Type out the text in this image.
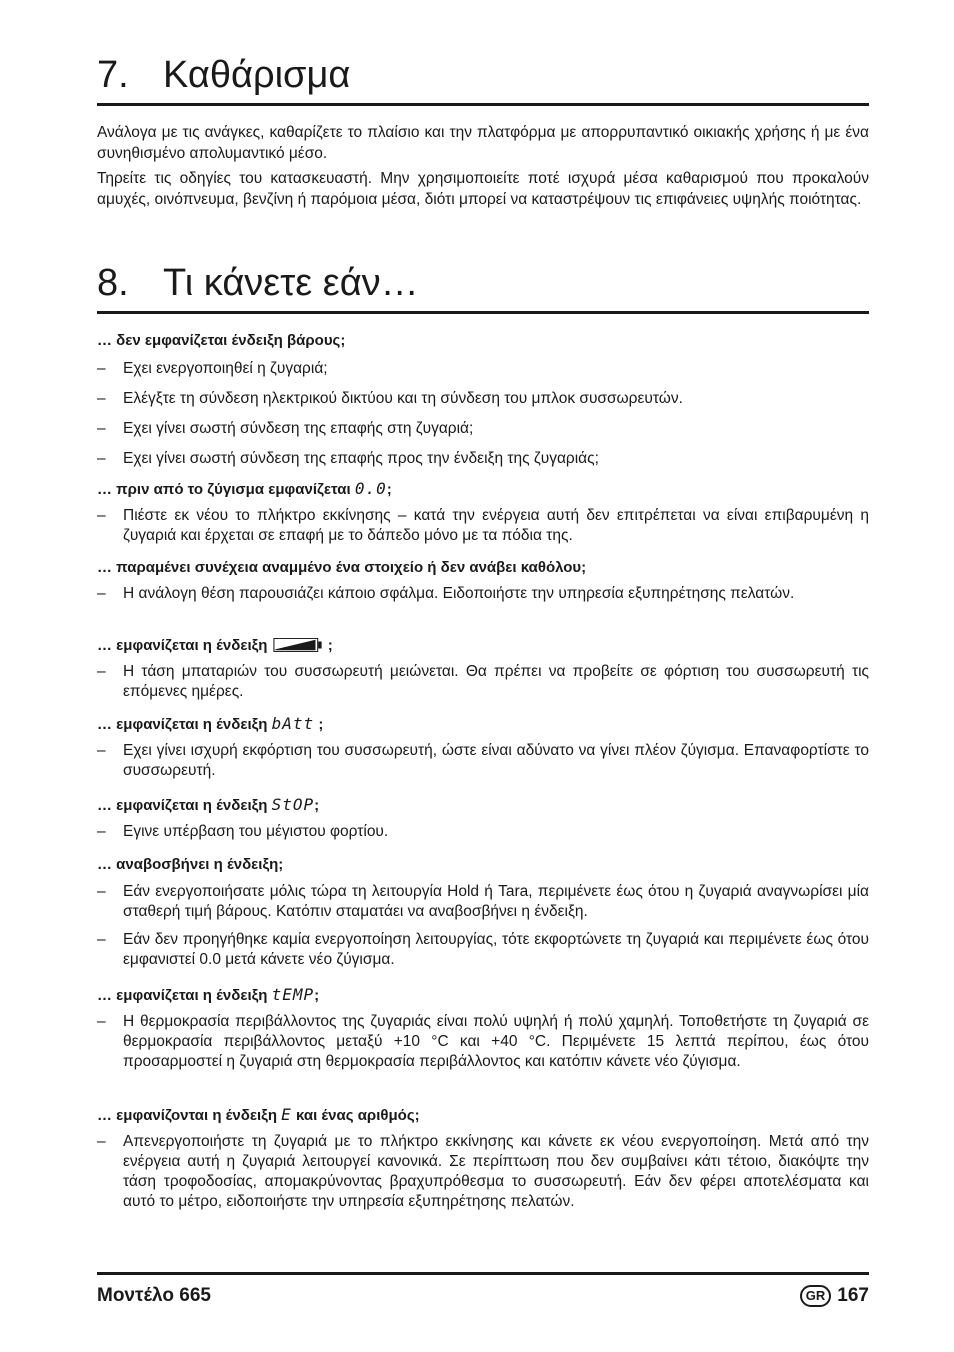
7. Καθάρισμα

Ανάλογα με τις ανάγκες, καθαρίζετε το πλαίσιο και την πλατφόρμα με απορρυπαντικό οικιακής χρήσης ή με ένα συνηθισμένο απολυμαντικό μέσο.

Τηρείτε τις οδηγίες του κατασκευαστή. Μην χρησιμοποιείτε ποτέ ισχυρά μέσα καθαρισμού που προκαλούν αμυχές, οινόπνευμα, βενζίνη ή παρόμοια μέσα, διότι μπορεί να καταστρέψουν τις επιφάνειες υψηλής ποιότητας.

8. Τι κάνετε εάν…

… δεν εμφανίζεται ένδειξη βάρους;

– Εχει ενεργοποιηθεί η ζυγαριά;

– Ελέγξτε τη σύνδεση ηλεκτρικού δικτύου και τη σύνδεση του μπλοκ συσσωρευτών.

– Εχει γίνει σωστή σύνδεση της επαφής στη ζυγαριά;

– Εχει γίνει σωστή σύνδεση της επαφής προς την ένδειξη της ζυγαριάς;

… πριν από το ζύγισμα εμφανίζεται 0.0;

– Πιέστε εκ νέου το πλήκτρο εκκίνησης – κατά την ενέργεια αυτή δεν επιτρέπεται να είναι επιβαρυμένη η ζυγαριά και έρχεται σε επαφή με το δάπεδο μόνο με τα πόδια της.

… παραμένει συνέχεια αναμμένο ένα στοιχείο ή δεν ανάβει καθόλου;

– Η ανάλογη θέση παρουσιάζει κάποιο σφάλμα. Ειδοποιήστε την υπηρεσία εξυπηρέτησης πελατών.

… εμφανίζεται η ένδειξη	;

– Η τάση μπαταριών του συσσωρευτή μειώνεται. Θα πρέπει να προβείτε σε φόρτιση του συσσωρευτή τις επόμενες ημέρες.

… εμφανίζεται η ένδειξη bAtt ;

– Εχει γίνει ισχυρή εκφόρτιση του συσσωρευτή, ώστε είναι αδύνατο να γίνει πλέον ζύγισμα. Επαναφορτίστε το συσσωρευτή.

… εμφανίζεται η ένδειξη StOP;

– Εγινε υπέρβαση του μέγιστου φορτίου.

… αναβοσβήνει η ένδειξη;

– Εάν ενεργοποιήσατε μόλις τώρα τη λειτουργία Hold ή Tara, περιμένετε έως ότου η ζυγαριά αναγνωρίσει μία σταθερή τιμή βάρους. Κατόπιν σταματάει να αναβοσβήνει η ένδειξη.

– Εάν δεν προηγήθηκε καμία ενεργοποίηση λειτουργίας, τότε εκφορτώνετε τη ζυγαριά και περιμένετε έως ότου εμφανιστεί 0.0 μετά κάνετε νέο ζύγισμα.

… εμφανίζεται η ένδειξη tEMP;

– Η θερμοκρασία περιβάλλοντος της ζυγαριάς είναι πολύ υψηλή ή πολύ χαμηλή. Τοποθετήστε τη ζυγαριά σε θερμοκρασία περιβάλλοντος μεταξύ +10 °C και +40 °C. Περιμένετε 15 λεπτά περίπου, έως ότου προσαρμοστεί η ζυγαριά στη θερμοκρασία περιβάλλοντος και κατόπιν κάνετε νέο ζύγισμα.

… εμφανίζονται η ένδειξη E και ένας αριθμός;

– Απενεργοποιήστε τη ζυγαριά με το πλήκτρο εκκίνησης και κάνετε εκ νέου ενεργοποίηση. Μετά από την ενέργεια αυτή η ζυγαριά λειτουργεί κανονικά. Σε περίπτωση που δεν συμβαίνει κάτι τέτοιο, διακόψτε την τάση τροφοδοσίας, απομακρύνοντας βραχυπρόθεσμα το συσσωρευτή. Εάν δεν φέρει αποτελέσματα και αυτό το μέτρο, ειδοποιήστε την υπηρεσία εξυπηρέτησης πελατών.

Μοντέλο 665	GR 167
